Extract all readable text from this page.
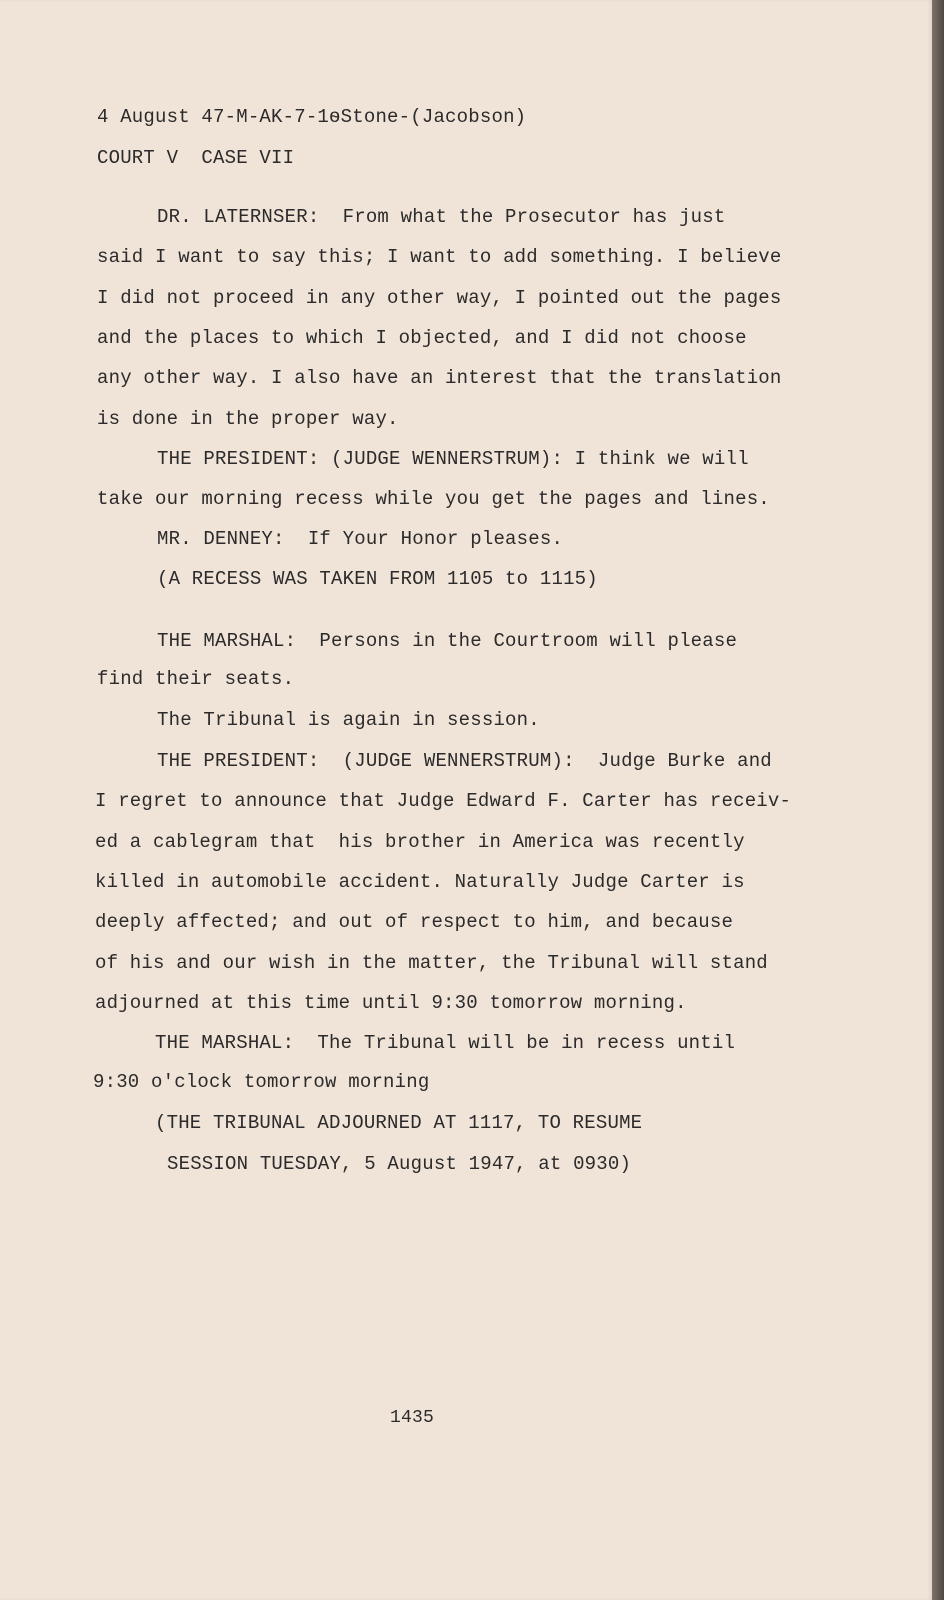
4 August 47-M-AK-7-1ѳStone-(Jacobson)

COURT V  CASE VII

DR. LATERNSER:  From what the Prosecutor has just

said I want to say this; I want to add something. I believe

I did not proceed in any other way, I pointed out the pages

and the places to which I objected, and I did not choose

any other way. I also have an interest that the translation

is done in the proper way.

THE PRESIDENT: (JUDGE WENNERSTRUM): I think we will

take our morning recess while you get the pages and lines.

MR. DENNEY:  If Your Honor pleases.

(A RECESS WAS TAKEN FROM 1105 to 1115)

THE MARSHAL:  Persons in the Courtroom will please

find their seats.

The Tribunal is again in session.

THE PRESIDENT:  (JUDGE WENNERSTRUM):  Judge Burke and

I regret to announce that Judge Edward F. Carter has receiv-

ed a cablegram that  his brother in America was recently

killed in automobile accident. Naturally Judge Carter is

deeply affected; and out of respect to him, and because

of his and our wish in the matter, the Tribunal will stand

adjourned at this time until 9:30 tomorrow morning.

THE MARSHAL:  The Tribunal will be in recess until

9:30 o'clock tomorrow morning

(THE TRIBUNAL ADJOURNED AT 1117, TO RESUME

SESSION TUESDAY, 5 August 1947, at 0930)

1435
